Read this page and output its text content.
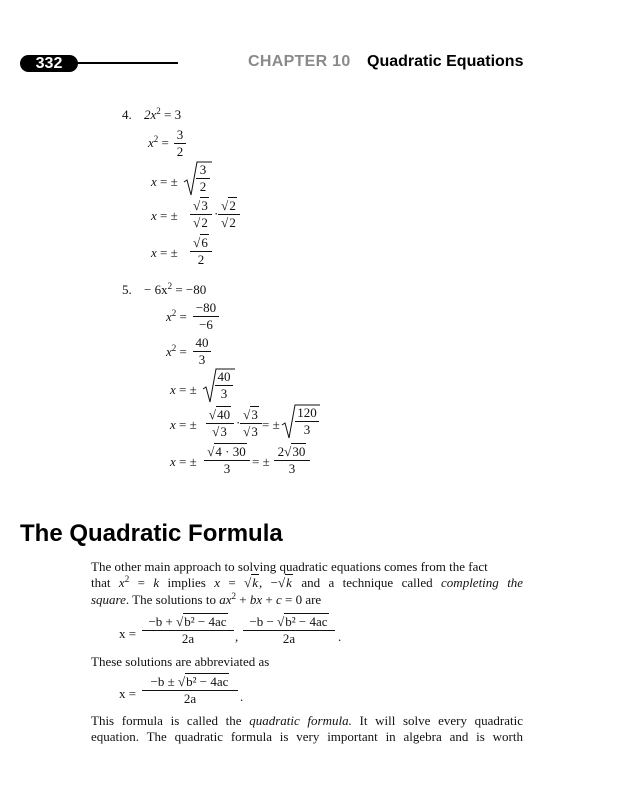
332	CHAPTER 10 Quadratic Equations
4. $2x^2 = 3$
$x^2$ =
3
2
x = ±
3
2
x = ±
√3
√2
·
√2
√2
x = ±
√6
2
5. − $6x^2 = -80$
$x^2$ =
−80
−6
$x^2$ =
40
3
x = ±
40
3
x = ±
√40
√3
·
√3
√3 = ±
120
3
x = ±
√4 · 30
3	= ±
2√30
3
The Quadratic Formula
The other main approach to solving quadratic equations comes from the fact
that $x^2 = k$ implies x = √k, −√k and a technique called completing the
square. The solutions to $ax^2$ + bx + c = 0 are
x =
−b + √b² − 4ac
2a	,
−b − √b² − 4ac
2a	.
These solutions are abbreviated as
x =
−b ± √b² − 4ac
2a	.
This formula is called the quadratic formula. It will solve every quadratic
equation. The quadratic formula is very important in algebra and is worth
